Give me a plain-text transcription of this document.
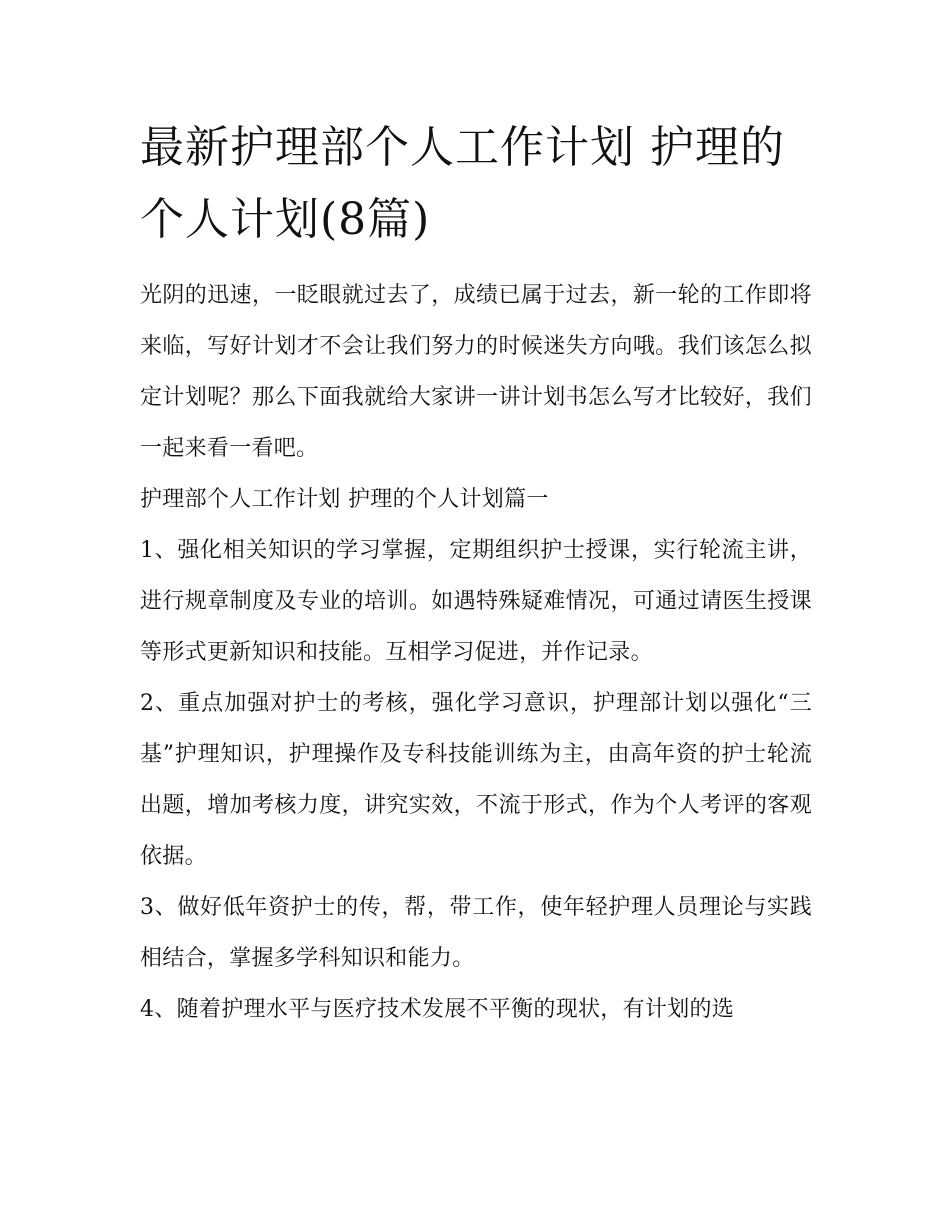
最新护理部个人工作计划 护理的个人计划(8篇)

光阴的迅速，一眨眼就过去了，成绩已属于过去，新一轮的工作即将来临，写好计划才不会让我们努力的时候迷失方向哦。我们该怎么拟定计划呢？那么下面我就给大家讲一讲计划书怎么写才比较好，我们一起来看一看吧。

护理部个人工作计划 护理的个人计划篇一

1、强化相关知识的学习掌握，定期组织护士授课，实行轮流主讲，进行规章制度及专业的培训。如遇特殊疑难情况，可通过请医生授课等形式更新知识和技能。互相学习促进，并作记录。

2、重点加强对护士的考核，强化学习意识，护理部计划以强化“三基”护理知识，护理操作及专科技能训练为主，由高年资的护士轮流出题，增加考核力度，讲究实效，不流于形式，作为个人考评的客观依据。

3、做好低年资护士的传，帮，带工作，使年轻护理人员理论与实践相结合，掌握多学科知识和能力。

4、随着护理水平与医疗技术发展不平衡的现状，有计划的选
